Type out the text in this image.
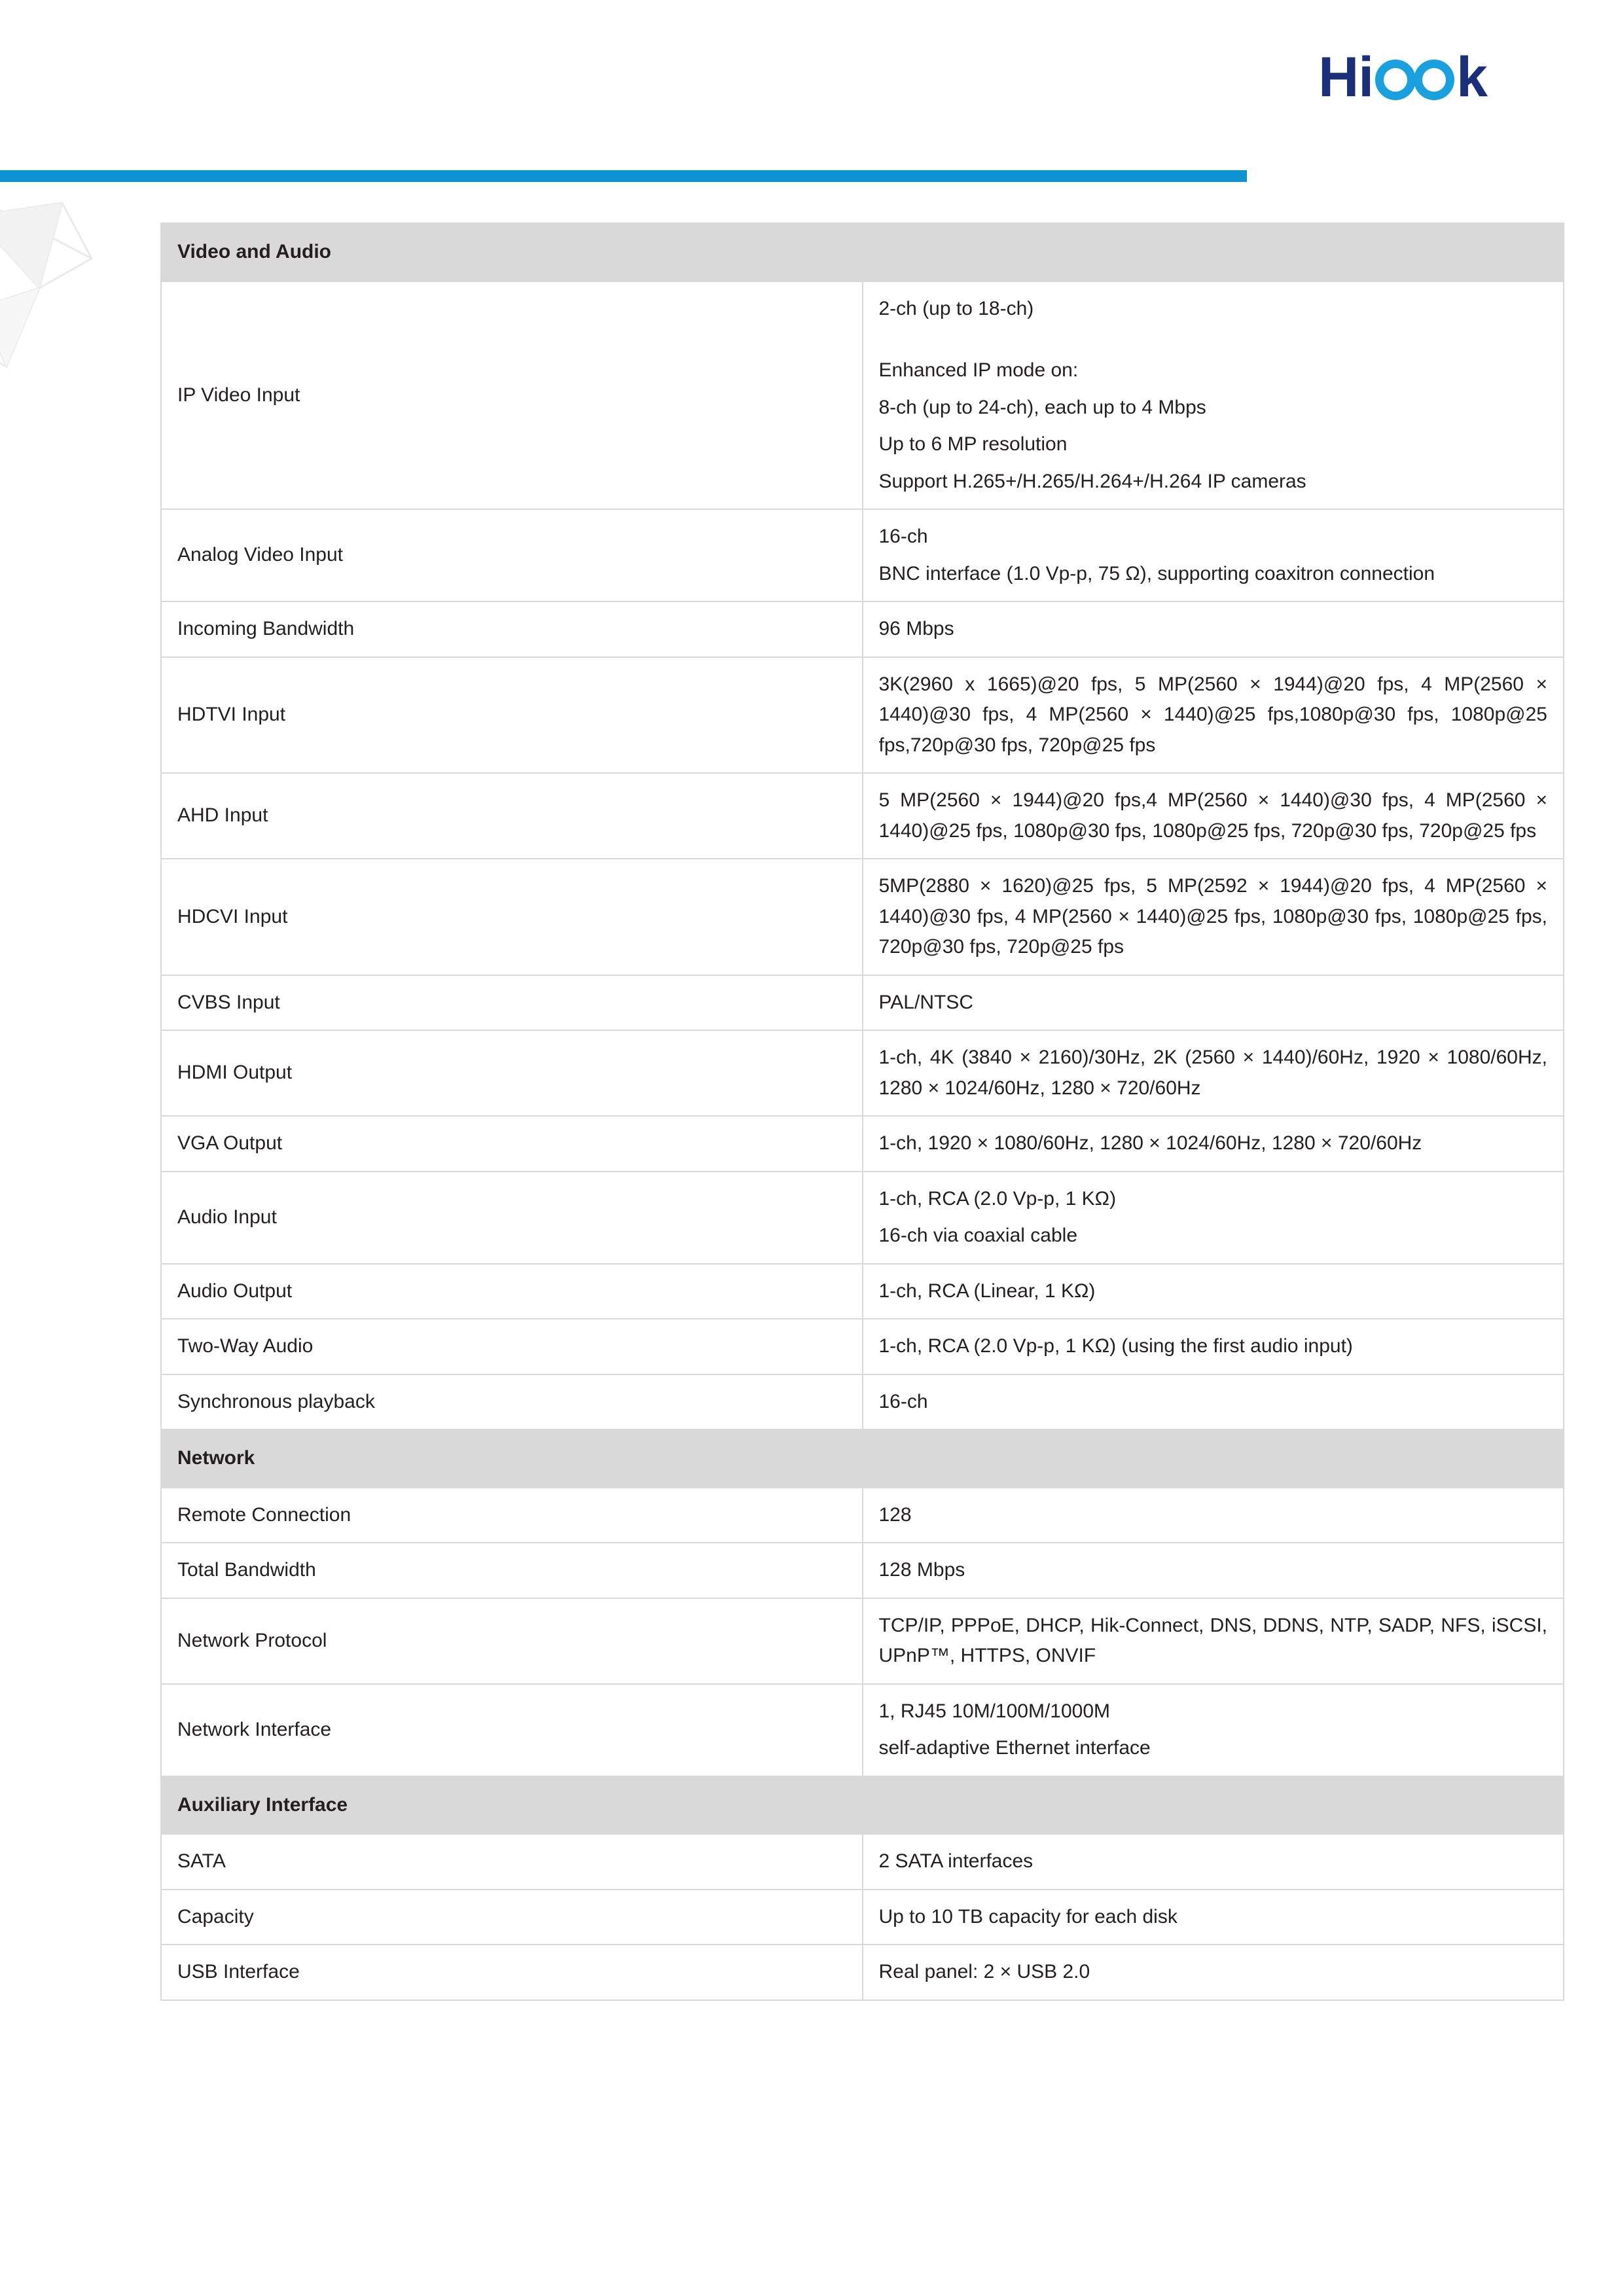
Hi k
Video and Audio	
IP Video Input	2-ch (up to 18-ch)

Enhanced IP mode on:

8-ch (up to 24-ch), each up to 4 Mbps

Up to 6 MP resolution

Support H.265+/H.265/H.264+/H.264 IP cameras

Analog Video Input	16-ch

BNC interface (1.0 Vp-p, 75 Ω), supporting coaxitron connection

Incoming Bandwidth	96 Mbps

HDTVI Input	3K(2960 x 1665)@20 fps, 5 MP(2560 × 1944)@20 fps, 4 MP(2560 × 1440)@30 fps, 4 MP(2560 × 1440)@25 fps,1080p@30 fps, 1080p@25 fps,720p@30 fps, 720p@25 fps

AHD Input	5 MP(2560 × 1944)@20 fps,4 MP(2560 × 1440)@30 fps, 4 MP(2560 × 1440)@25 fps, 1080p@30 fps, 1080p@25 fps, 720p@30 fps, 720p@25 fps

HDCVI Input	5MP(2880 × 1620)@25 fps, 5 MP(2592 × 1944)@20 fps, 4 MP(2560 × 1440)@30 fps, 4 MP(2560 × 1440)@25 fps, 1080p@30 fps, 1080p@25 fps, 720p@30 fps, 720p@25 fps

CVBS Input	PAL/NTSC

HDMI Output	1-ch, 4K (3840 × 2160)/30Hz, 2K (2560 × 1440)/60Hz, 1920 × 1080/60Hz, 1280 × 1024/60Hz, 1280 × 720/60Hz

VGA Output	1-ch, 1920 × 1080/60Hz, 1280 × 1024/60Hz, 1280 × 720/60Hz

Audio Input	1-ch, RCA (2.0 Vp-p, 1 KΩ)

16-ch via coaxial cable

Audio Output	1-ch, RCA (Linear, 1 KΩ)

Two-Way Audio	1-ch, RCA (2.0 Vp-p, 1 KΩ) (using the first audio input)

Synchronous playback	16-ch

Network	
Remote Connection	128

Total Bandwidth	128 Mbps

Network Protocol	TCP/IP, PPPoE, DHCP, Hik-Connect, DNS, DDNS, NTP, SADP, NFS, iSCSI, UPnP™, HTTPS, ONVIF

Network Interface	1, RJ45 10M/100M/1000M

self-adaptive Ethernet interface

Auxiliary Interface	
SATA	2 SATA interfaces

Capacity	Up to 10 TB capacity for each disk

USB Interface	Real panel: 2 × USB 2.0
